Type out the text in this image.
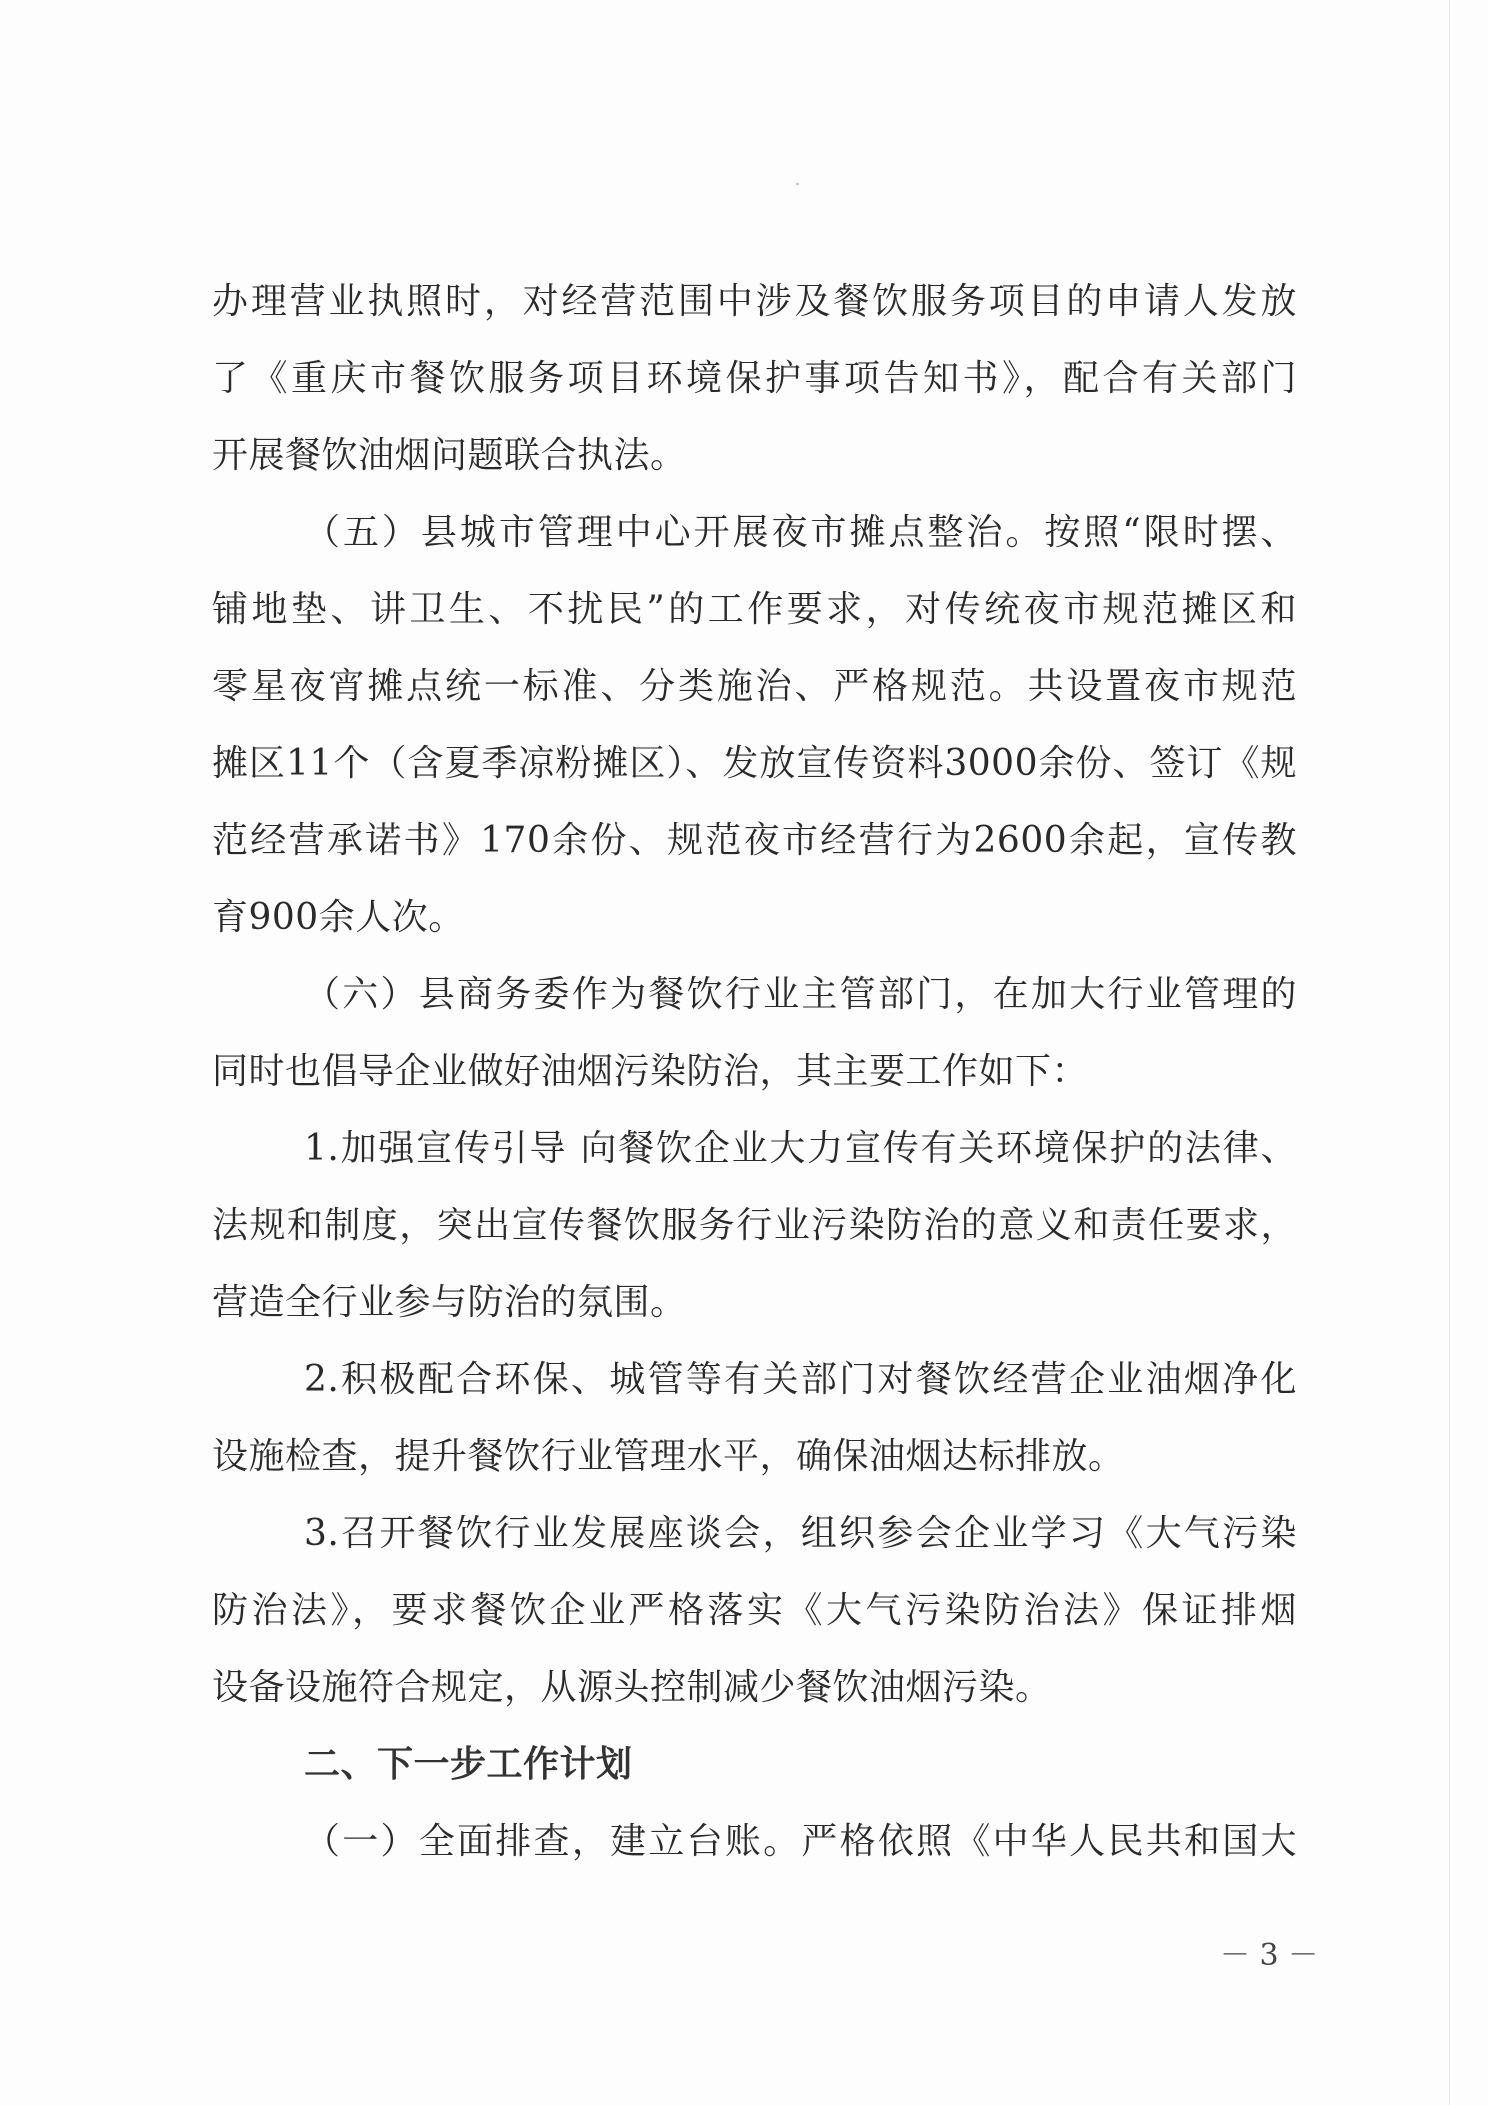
办理营业执照时，对经营范围中涉及餐饮服务项目的申请人发放
了《重庆市餐饮服务项目环境保护事项告知书》，配合有关部门
开展餐饮油烟问题联合执法。
（五）县城市管理中心开展夜市摊点整治。按照“限时摆、
铺地垫、讲卫生、不扰民”的工作要求，对传统夜市规范摊区和
零星夜宵摊点统一标准、分类施治、严格规范。共设置夜市规范
摊区11个（含夏季凉粉摊区）、发放宣传资料3000余份、签订《规
范经营承诺书》170余份、规范夜市经营行为2600余起，宣传教
育900余人次。
（六）县商务委作为餐饮行业主管部门，在加大行业管理的
同时也倡导企业做好油烟污染防治，其主要工作如下：
1.加强宣传引导 向餐饮企业大力宣传有关环境保护的法律、
法规和制度，突出宣传餐饮服务行业污染防治的意义和责任要求，
营造全行业参与防治的氛围。
2.积极配合环保、城管等有关部门对餐饮经营企业油烟净化
设施检查，提升餐饮行业管理水平，确保油烟达标排放。
3.召开餐饮行业发展座谈会，组织参会企业学习《大气污染
防治法》，要求餐饮企业严格落实《大气污染防治法》保证排烟
设备设施符合规定，从源头控制减少餐饮油烟污染。
二、下一步工作计划
（一）全面排查，建立台账。严格依照《中华人民共和国大
－ 3 －
